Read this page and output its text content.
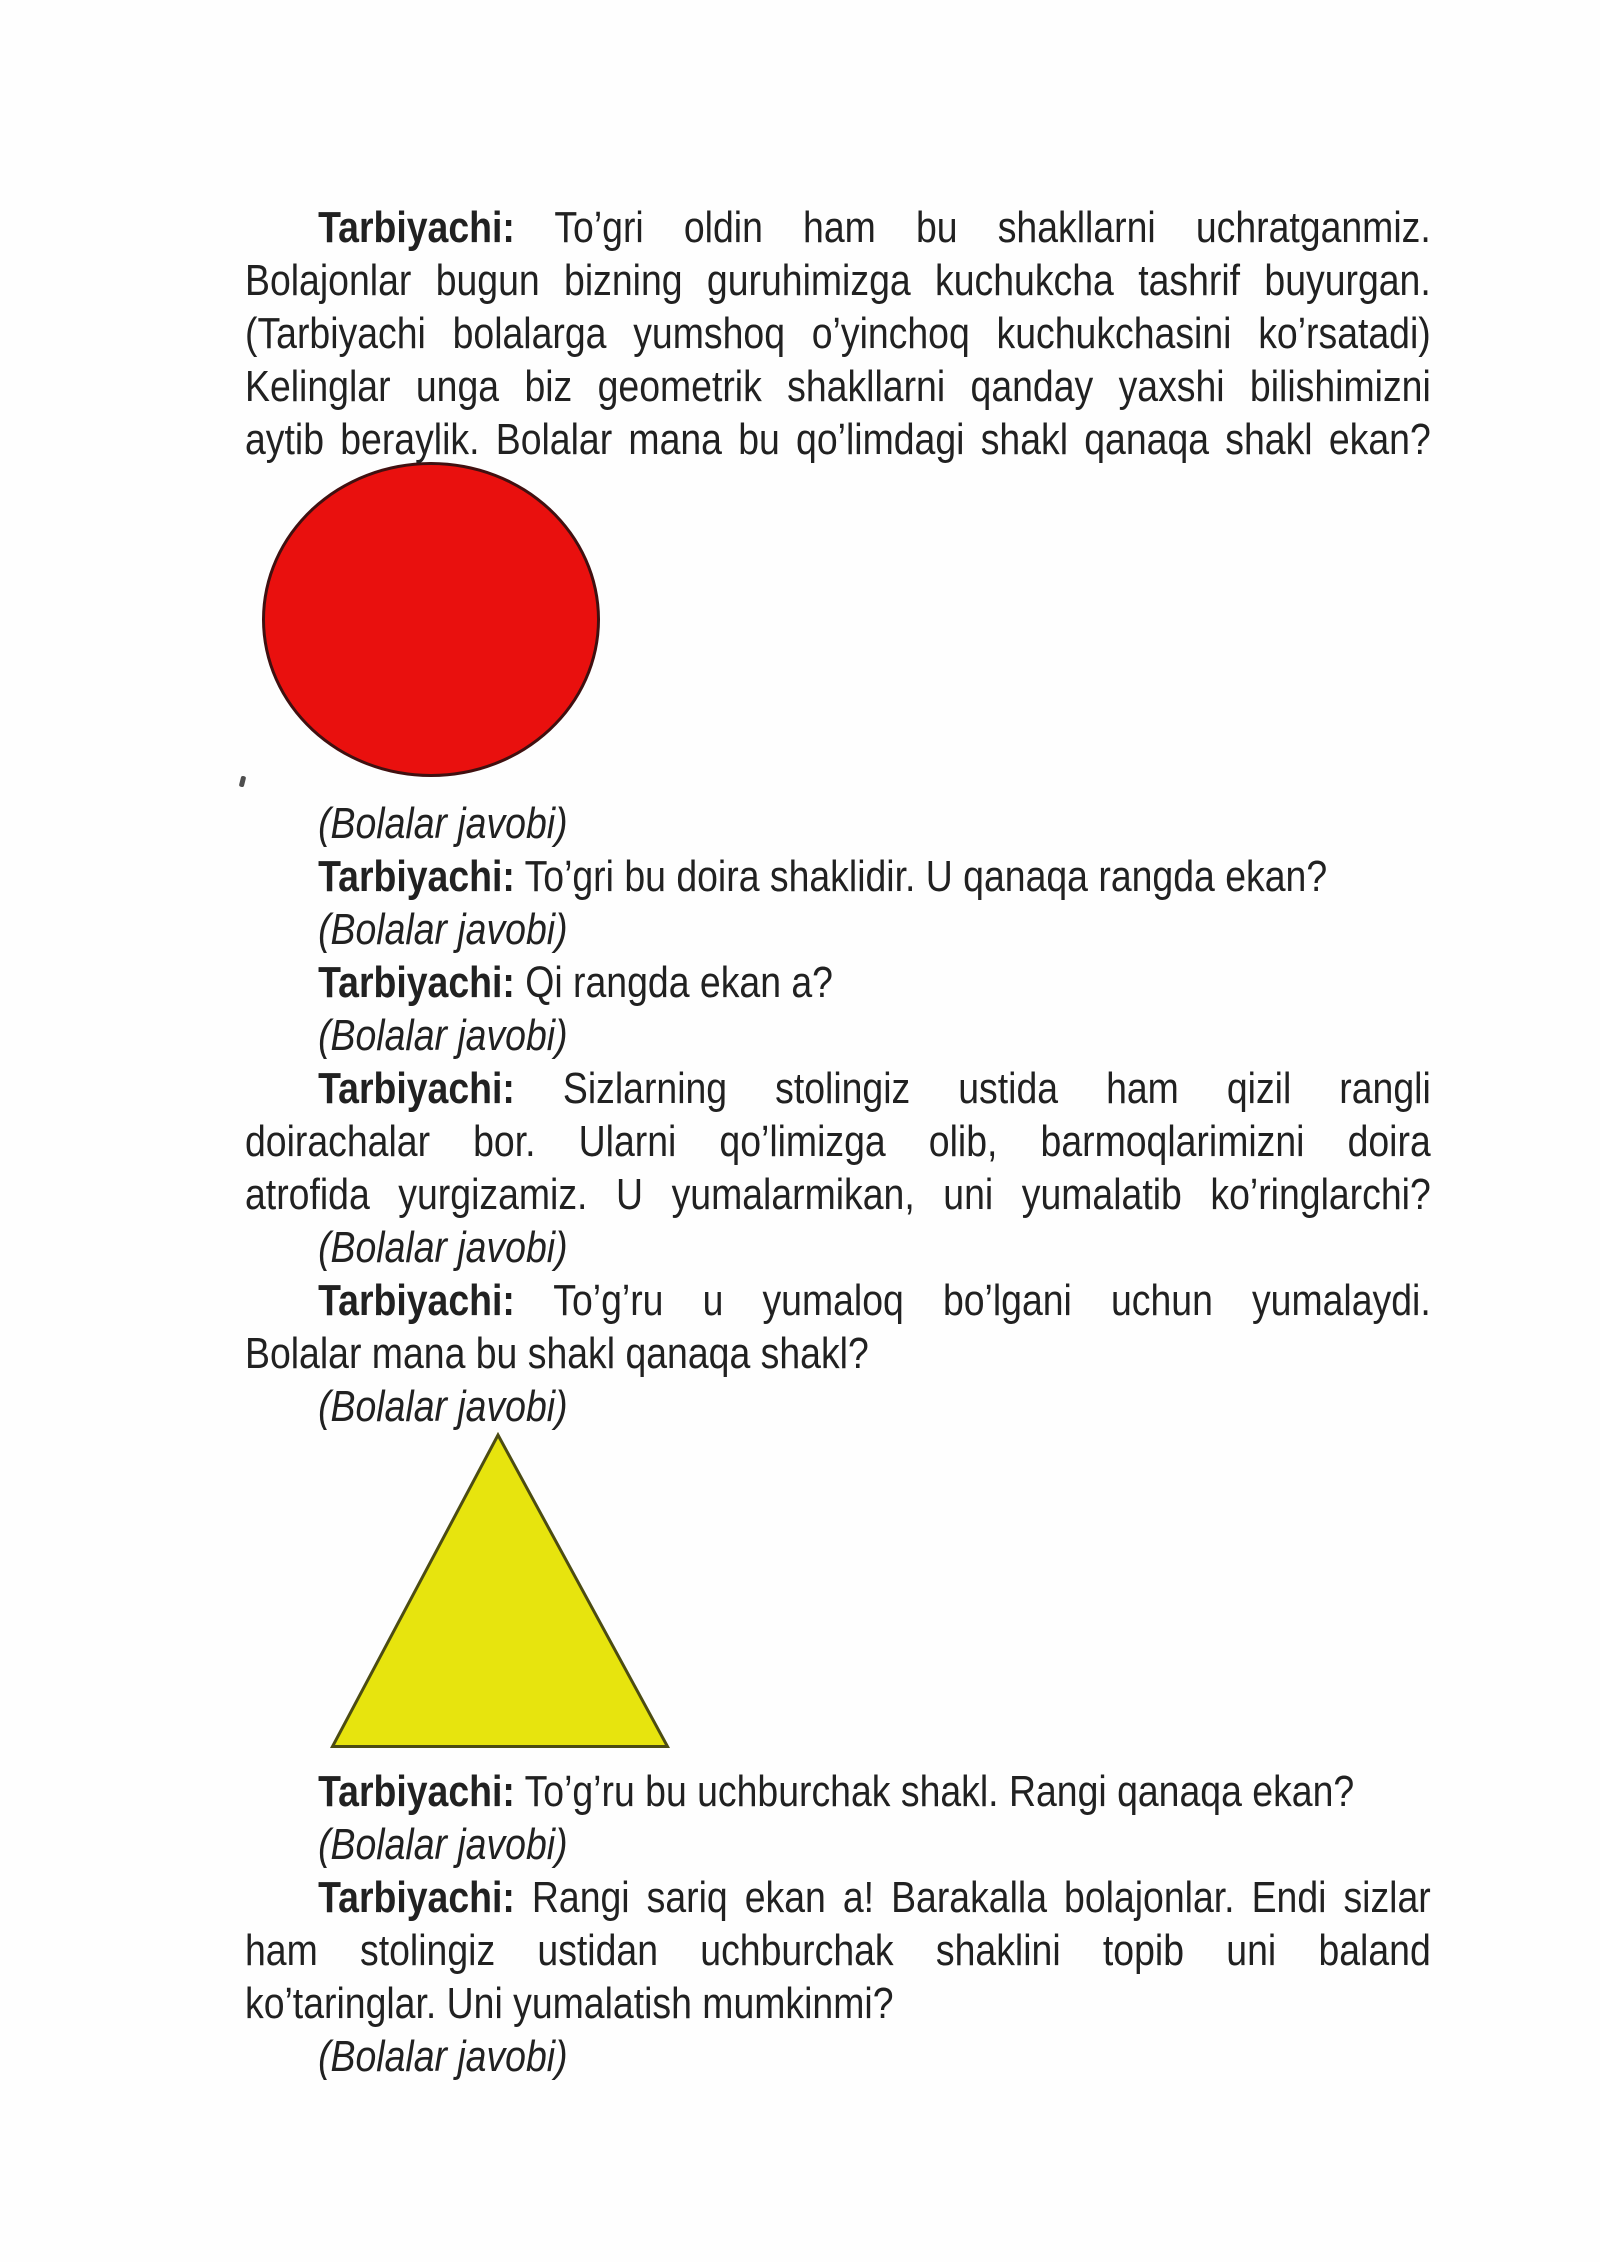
Tarbiyachi: To’gri oldin ham bu shakllarni uchratganmiz.
Bolajonlar bugun bizning guruhimizga kuchukcha tashrif buyurgan.
(Tarbiyachi bolalarga yumshoq o’yinchoq kuchukchasini ko’rsatadi)
Kelinglar unga biz geometrik shakllarni qanday yaxshi bilishimizni
aytib beraylik. Bolalar mana bu qo’limdagi shakl qanaqa shakl ekan?
(Bolalar javobi)
Tarbiyachi: To’gri bu doira shaklidir. U qanaqa rangda ekan?
(Bolalar javobi)
Tarbiyachi: Qi rangda ekan a?
(Bolalar javobi)
Tarbiyachi: Sizlarning stolingiz ustida ham qizil rangli
doirachalar bor. Ularni qo’limizga olib, barmoqlarimizni doira
atrofida yurgizamiz. U yumalarmikan, uni yumalatib ko’ringlarchi?
(Bolalar javobi)
Tarbiyachi: To’g’ru u yumaloq bo’lgani uchun yumalaydi.
Bolalar mana bu shakl qanaqa shakl?
(Bolalar javobi)
Tarbiyachi: To’g’ru bu uchburchak shakl. Rangi qanaqa ekan?
(Bolalar javobi)
Tarbiyachi: Rangi sariq ekan a! Barakalla bolajonlar. Endi sizlar
ham stolingiz ustidan uchburchak shaklini topib uni baland
ko’taringlar. Uni yumalatish mumkinmi?
(Bolalar javobi)
